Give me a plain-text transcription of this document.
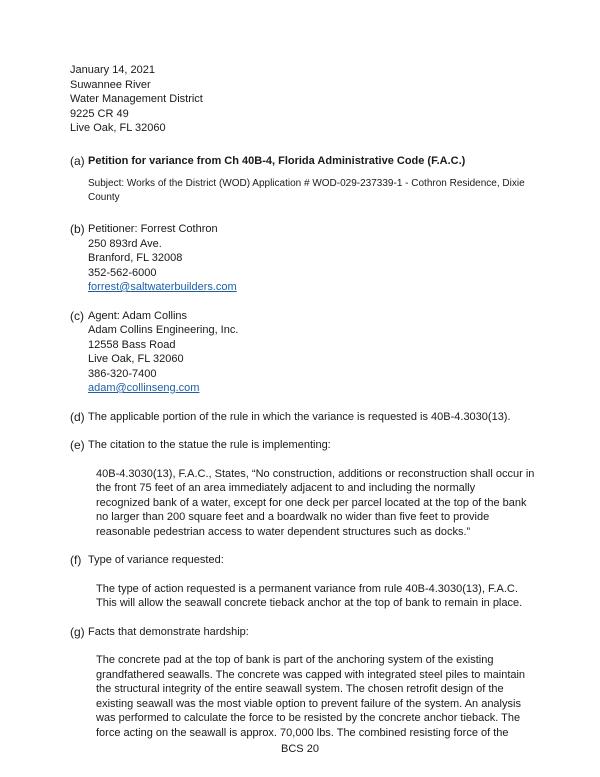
January 14, 2021
Suwannee River
Water Management District
9225 CR 49
Live Oak, FL 32060
(a) Petition for variance from Ch 40B-4, Florida Administrative Code (F.A.C.)
Subject: Works of the District (WOD) Application # WOD-029-237339-1 - Cothron Residence, Dixie
County
(b) Petitioner: Forrest Cothron
250 893rd Ave.
Branford, FL 32008
352-562-6000
forrest@saltwaterbuilders.com
(c) Agent: Adam Collins
Adam Collins Engineering, Inc.
12558 Bass Road
Live Oak, FL 32060
386-320-7400
adam@collinseng.com
(d) The applicable portion of the rule in which the variance is requested is 40B-4.3030(13).
(e) The citation to the statue the rule is implementing:
40B-4.3030(13), F.A.C., States, “No construction, additions or reconstruction shall occur in
the front 75 feet of an area immediately adjacent to and including the normally
recognized bank of a water, except for one deck per parcel located at the top of the bank
no larger than 200 square feet and a boardwalk no wider than five feet to provide
reasonable pedestrian access to water dependent structures such as docks.”
(f) Type of variance requested:
The type of action requested is a permanent variance from rule 40B-4.3030(13), F.A.C.
This will allow the seawall concrete tieback anchor at the top of bank to remain in place.
(g) Facts that demonstrate hardship:
The concrete pad at the top of bank is part of the anchoring system of the existing
grandfathered seawalls. The concrete was capped with integrated steel piles to maintain
the structural integrity of the entire seawall system. The chosen retrofit design of the
existing seawall was the most viable option to prevent failure of the system. An analysis
was performed to calculate the force to be resisted by the concrete anchor tieback. The
force acting on the seawall is approx. 70,000 lbs. The combined resisting force of the
BCS 20
